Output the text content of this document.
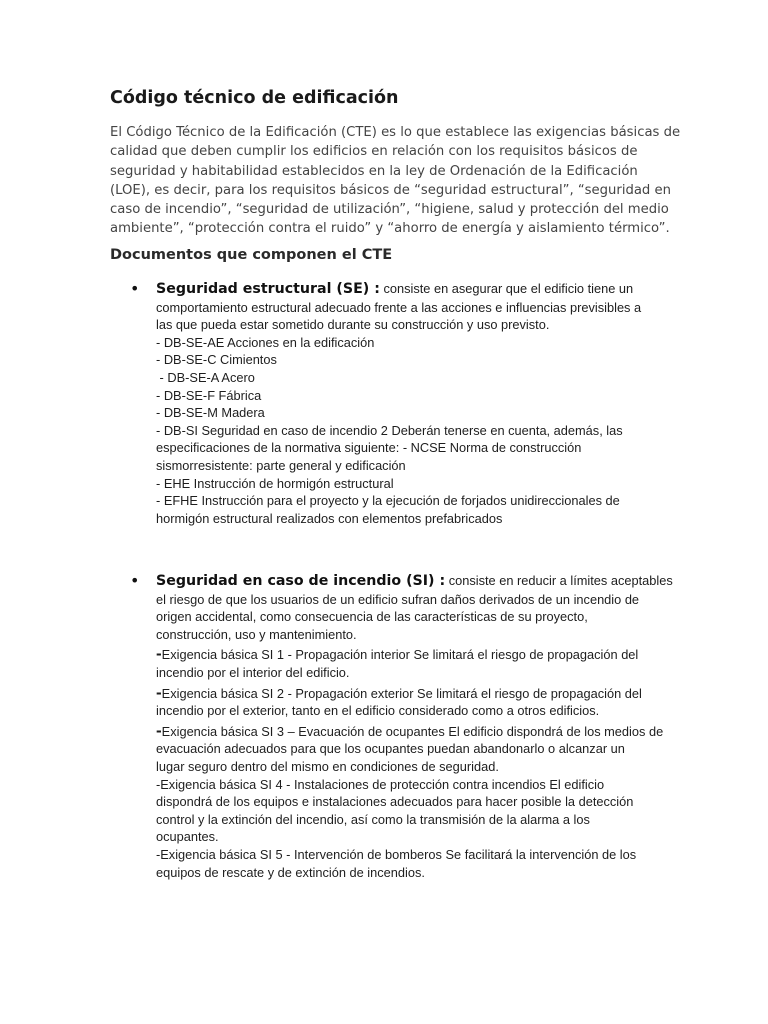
Código técnico de edificación
El Código Técnico de la Edificación (CTE) es lo que establece las exigencias básicas de
calidad que deben cumplir los edificios en relación con los requisitos básicos de
seguridad y habitabilidad establecidos en la ley de Ordenación de la Edificación
(LOE), es decir, para los requisitos básicos de “seguridad estructural”, “seguridad en
caso de incendio”, “seguridad de utilización”, “higiene, salud y protección del medio
ambiente”, “protección contra el ruido” y “ahorro de energía y aislamiento térmico”.
Documentos que componen el CTE
• Seguridad estructural (SE) : consiste en asegurar que el edificio tiene un
comportamiento estructural adecuado frente a las acciones e influencias previsibles a
las que pueda estar sometido durante su construcción y uso previsto.
- DB-SE-AE Acciones en la edificación
- DB-SE-C Cimientos
- DB-SE-A Acero
- DB-SE-F Fábrica
- DB-SE-M Madera
- DB-SI Seguridad en caso de incendio 2 Deberán tenerse en cuenta, además, las
especificaciones de la normativa siguiente: - NCSE Norma de construcción
sismorresistente: parte general y edificación
- EHE Instrucción de hormigón estructural
- EFHE Instrucción para el proyecto y la ejecución de forjados unidireccionales de
hormigón estructural realizados con elementos prefabricados
• Seguridad en caso de incendio (SI) : consiste en reducir a límites aceptables
el riesgo de que los usuarios de un edificio sufran daños derivados de un incendio de
origen accidental, como consecuencia de las características de su proyecto,
construcción, uso y mantenimiento.
-Exigencia básica SI 1 - Propagación interior Se limitará el riesgo de propagación del
incendio por el interior del edificio.
-Exigencia básica SI 2 - Propagación exterior Se limitará el riesgo de propagación del
incendio por el exterior, tanto en el edificio considerado como a otros edificios.
-Exigencia básica SI 3 – Evacuación de ocupantes El edificio dispondrá de los medios de
evacuación adecuados para que los ocupantes puedan abandonarlo o alcanzar un
lugar seguro dentro del mismo en condiciones de seguridad.
-Exigencia básica SI 4 - Instalaciones de protección contra incendios El edificio
dispondrá de los equipos e instalaciones adecuados para hacer posible la detección
control y la extinción del incendio, así como la transmisión de la alarma a los
ocupantes.
-Exigencia básica SI 5 - Intervención de bomberos Se facilitará la intervención de los
equipos de rescate y de extinción de incendios.
